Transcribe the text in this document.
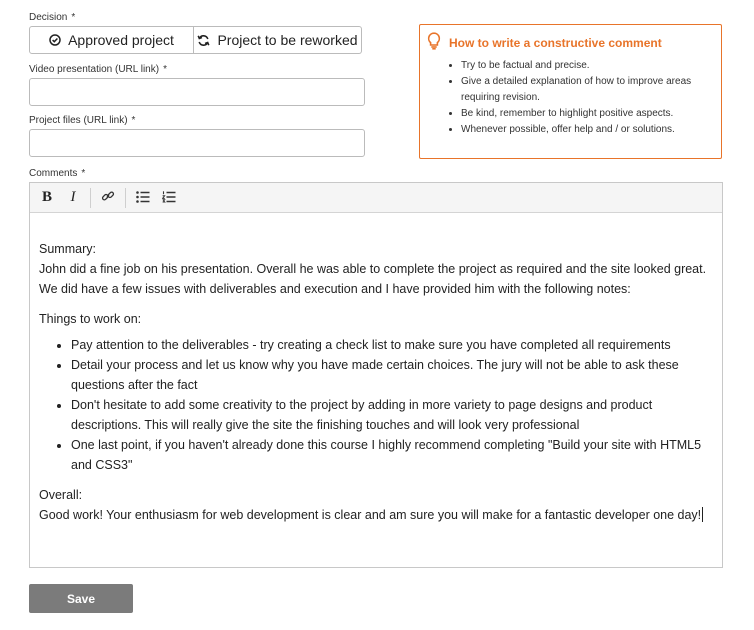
Decision *
Approved project	Project to be reworked
Video presentation (URL link) *
Project files (URL link) *
How to write a constructive comment
• Try to be factual and precise.
• Give a detailed explanation of how to improve areas requiring revision.
• Be kind, remember to highlight positive aspects.
• Whenever possible, offer help and / or solutions.
Comments *
B	I

Summary:

John did a fine job on his presentation. Overall he was able to complete the project as required and the site looked great. We did have a few issues with deliverables and execution and I have provided him with the following notes:

Things to work on:

• Pay attention to the deliverables - try creating a check list to make sure you have completed all requirements
• Detail your process and let us know why you have made certain choices. The jury will not be able to ask these questions after the fact
• Don't hesitate to add some creativity to the project by adding in more variety to page designs and product descriptions. This will really give the site the finishing touches and will look very professional
• One last point, if you haven't already done this course I highly recommend completing "Build your site with HTML5 and CSS3"

Overall:

Good work! Your enthusiasm for web development is clear and am sure you will make for a fantastic developer one day!

Save
